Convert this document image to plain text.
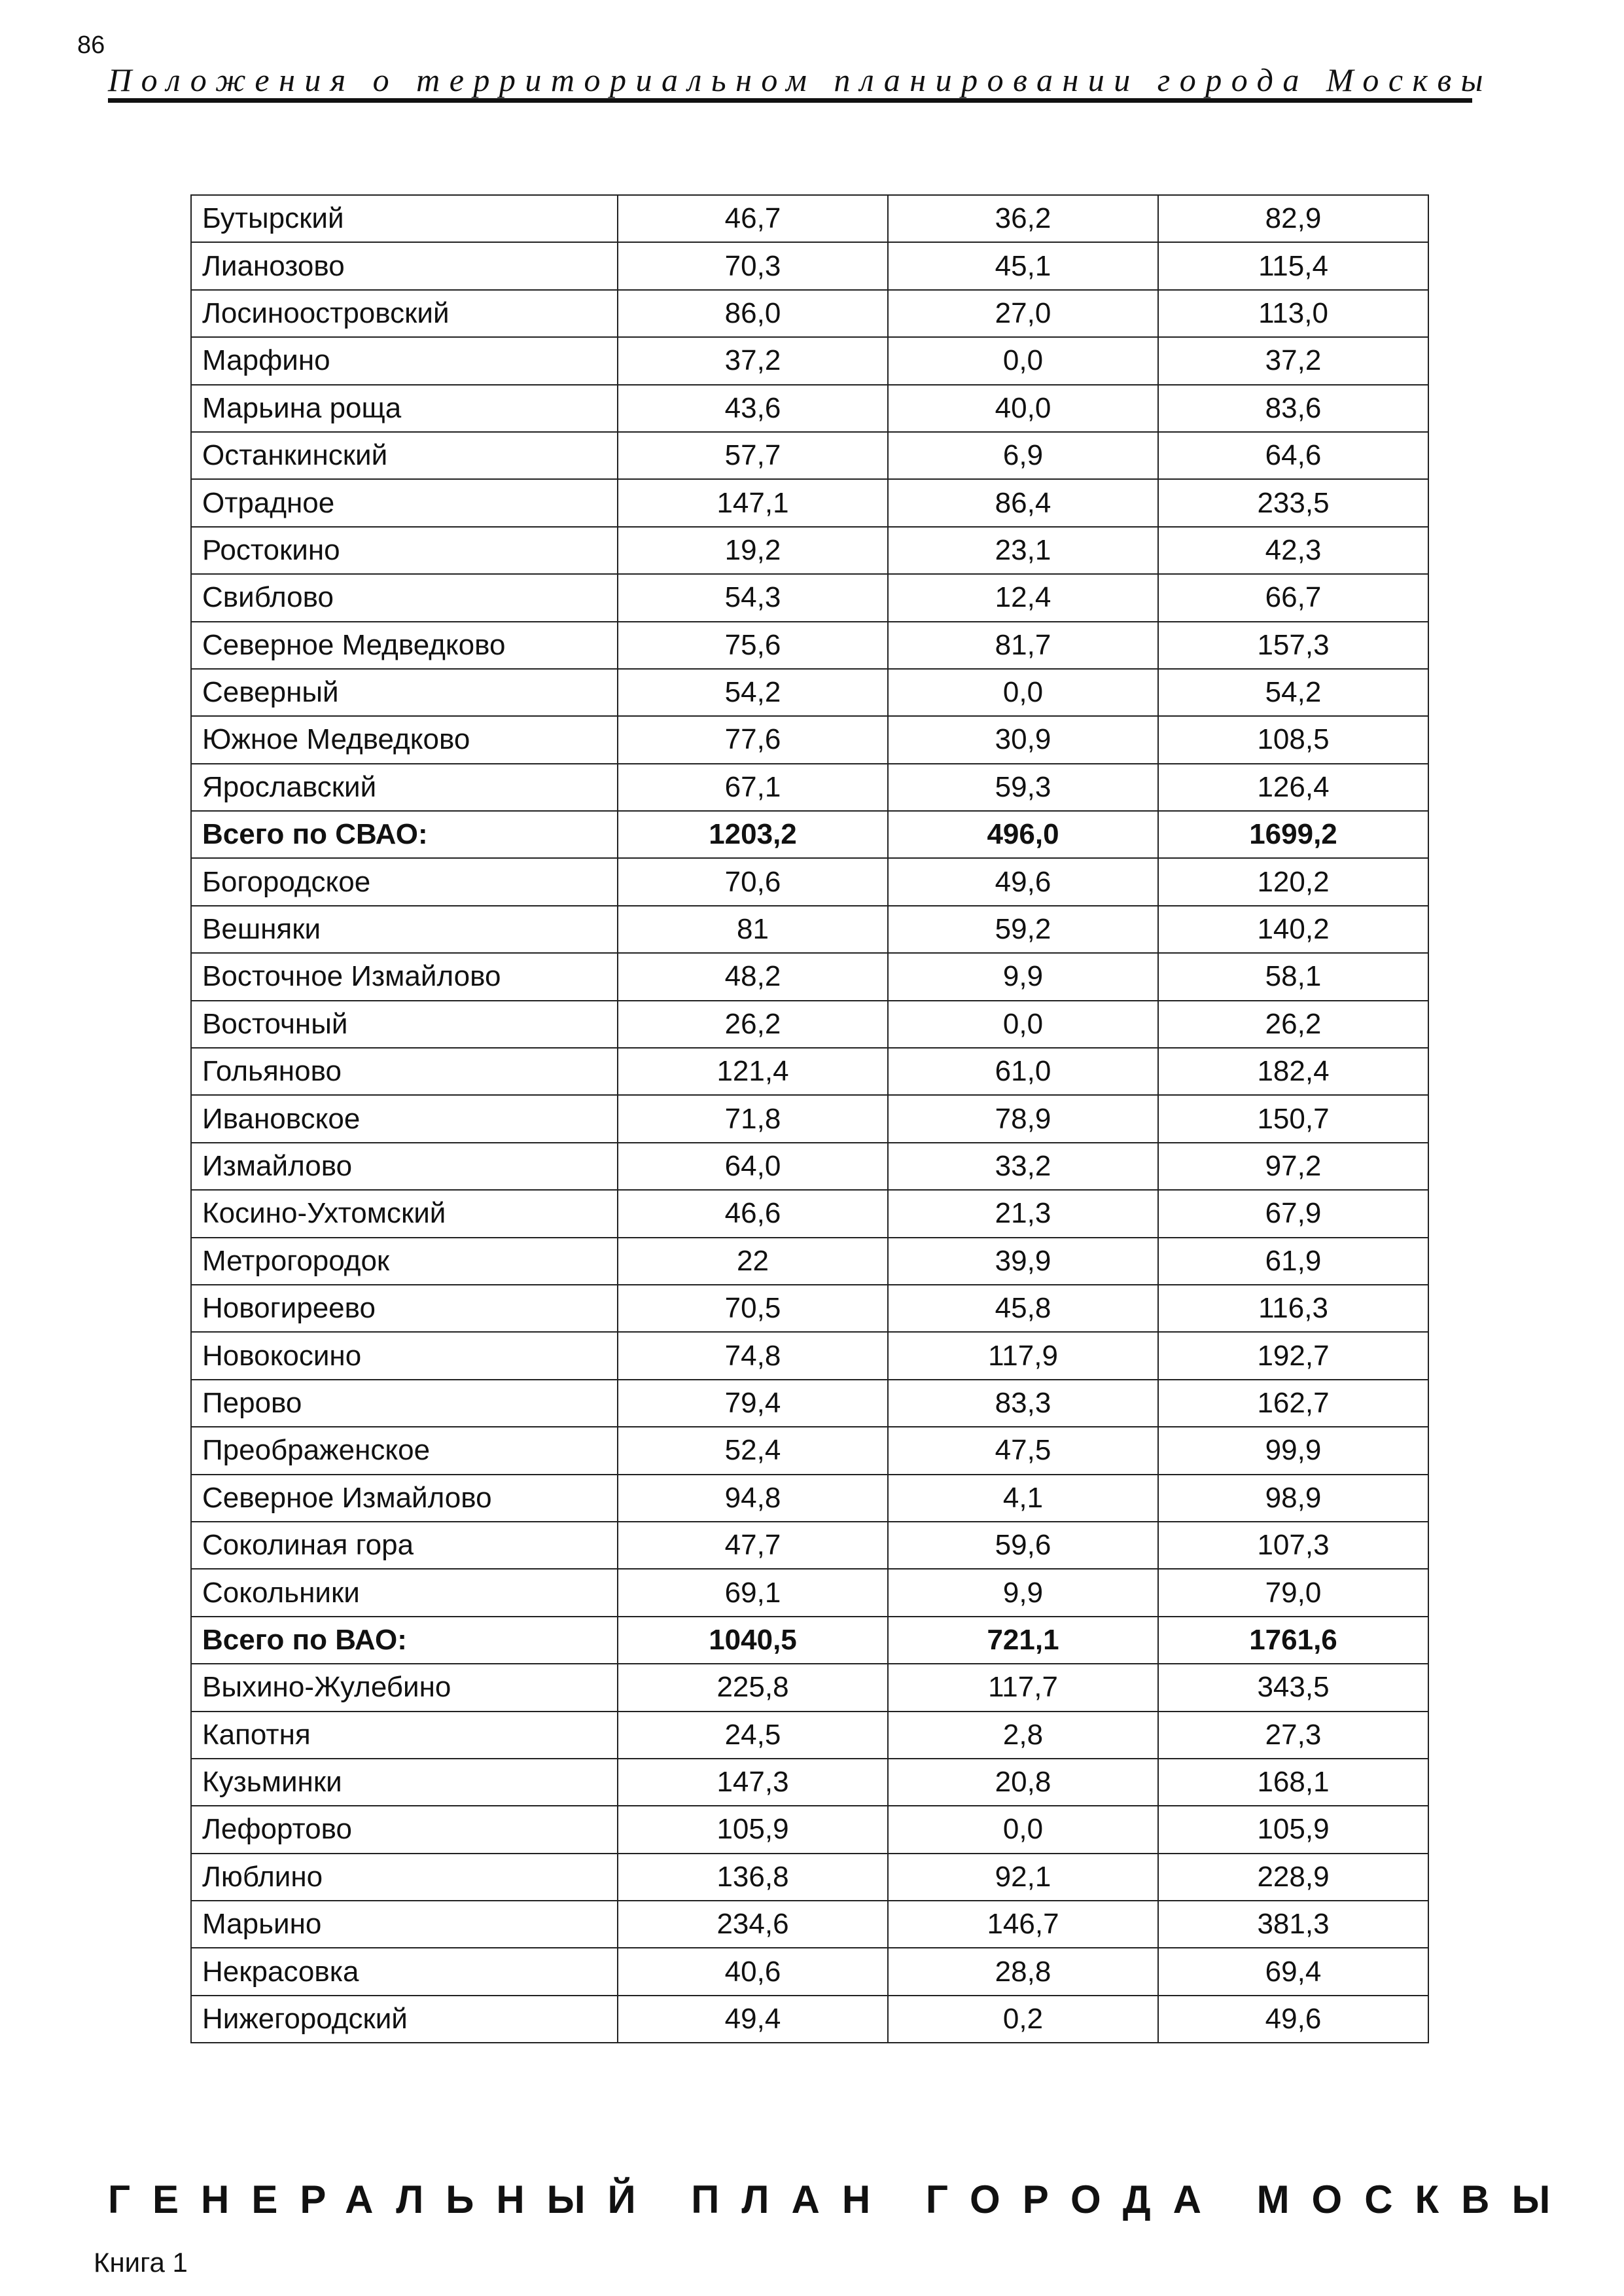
86
Положения о территориальном планировании города Москвы
Бутырский	46,7	36,2	82,9
Лианозово	70,3	45,1	115,4
Лосиноостровский	86,0	27,0	113,0
Марфино	37,2	0,0	37,2
Марьина роща	43,6	40,0	83,6
Останкинский	57,7	6,9	64,6
Отрадное	147,1	86,4	233,5
Ростокино	19,2	23,1	42,3
Свиблово	54,3	12,4	66,7
Северное Медведково	75,6	81,7	157,3
Северный	54,2	0,0	54,2
Южное Медведково	77,6	30,9	108,5
Ярославский	67,1	59,3	126,4
Всего по СВАО:	1203,2	496,0	1699,2
Богородское	70,6	49,6	120,2
Вешняки	81	59,2	140,2
Восточное Измайлово	48,2	9,9	58,1
Восточный	26,2	0,0	26,2
Гольяново	121,4	61,0	182,4
Ивановское	71,8	78,9	150,7
Измайлово	64,0	33,2	97,2
Косино-Ухтомский	46,6	21,3	67,9
Метрогородок	22	39,9	61,9
Новогиреево	70,5	45,8	116,3
Новокосино	74,8	117,9	192,7
Перово	79,4	83,3	162,7
Преображенское	52,4	47,5	99,9
Северное Измайлово	94,8	4,1	98,9
Соколиная гора	47,7	59,6	107,3
Сокольники	69,1	9,9	79,0
Всего по ВАО:	1040,5	721,1	1761,6
Выхино-Жулебино	225,8	117,7	343,5
Капотня	24,5	2,8	27,3
Кузьминки	147,3	20,8	168,1
Лефортово	105,9	0,0	105,9
Люблино	136,8	92,1	228,9
Марьино	234,6	146,7	381,3
Некрасовка	40,6	28,8	69,4
Нижегородский	49,4	0,2	49,6
ГЕНЕРАЛЬНЫЙ ПЛАН ГОРОДА МОСКВЫ
Книга 1
